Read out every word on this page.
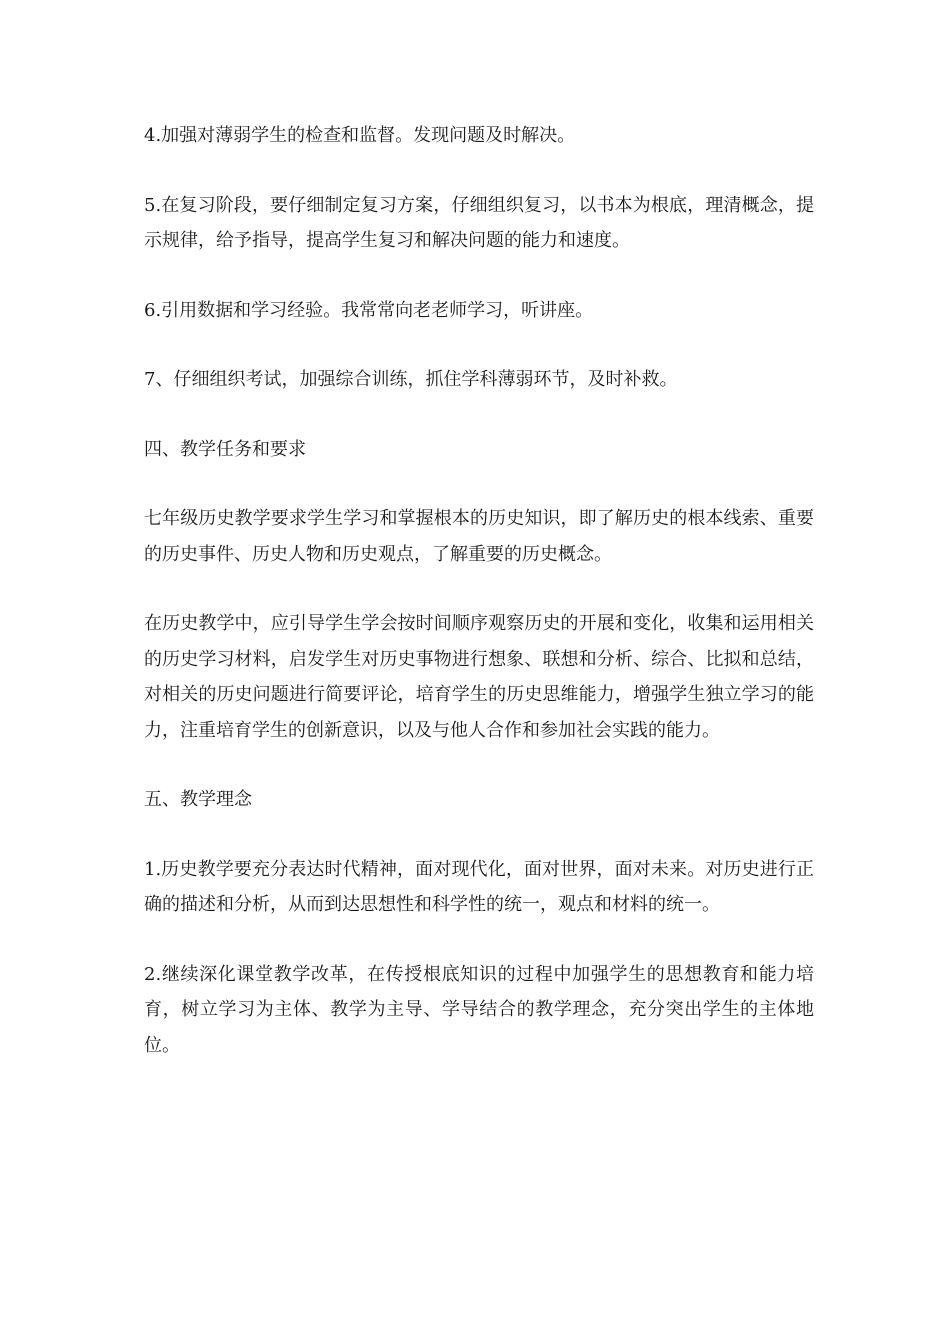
4.加强对薄弱学生的检查和监督。发现问题及时解决。

5.在复习阶段，要仔细制定复习方案，仔细组织复习，以书本为根底，理清概念，提示规律，给予指导，提高学生复习和解决问题的能力和速度。

6.引用数据和学习经验。我常常向老老师学习，听讲座。

7、仔细组织考试，加强综合训练，抓住学科薄弱环节，及时补救。

四、教学任务和要求

七年级历史教学要求学生学习和掌握根本的历史知识，即了解历史的根本线索、重要的历史事件、历史人物和历史观点，了解重要的历史概念。

在历史教学中，应引导学生学会按时间顺序观察历史的开展和变化，收集和运用相关的历史学习材料，启发学生对历史事物进行想象、联想和分析、综合、比拟和总结，对相关的历史问题进行简要评论，培育学生的历史思维能力，增强学生独立学习的能力，注重培育学生的创新意识，以及与他人合作和参加社会实践的能力。

五、教学理念

1.历史教学要充分表达时代精神，面对现代化，面对世界，面对未来。对历史进行正确的描述和分析，从而到达思想性和科学性的统一，观点和材料的统一。

2.继续深化课堂教学改革，在传授根底知识的过程中加强学生的思想教育和能力培育，树立学习为主体、教学为主导、学导结合的教学理念，充分突出学生的主体地位。
